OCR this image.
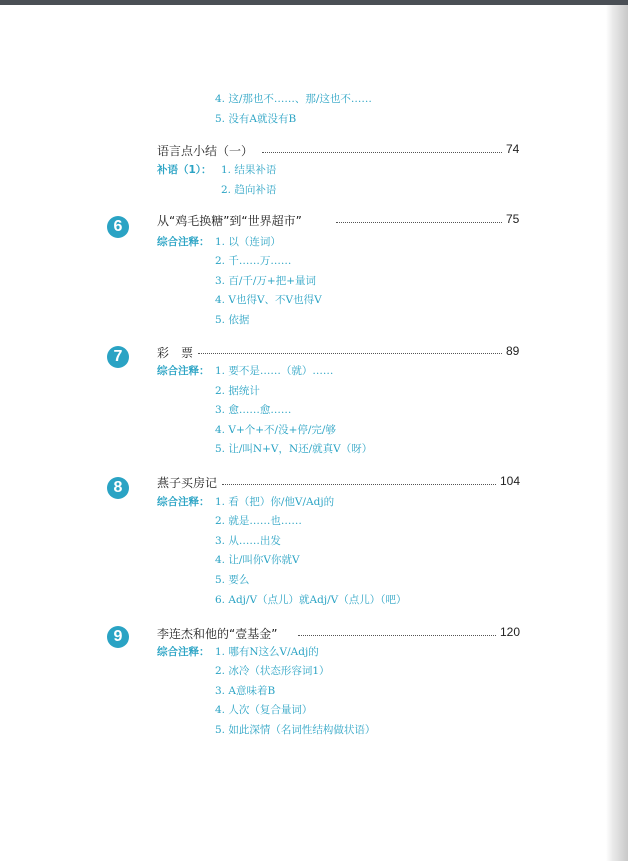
4. 这/那也不……、那/这也不……
5. 没有A就没有B
语言点小结（一）	74
补语（1）： 1. 结果补语
2. 趋向补语
6	从“鸡毛换糖”到“世界超市”	75
综合注释： 1. 以（连词）
2. 千……万……
3. 百/千/万+把+量词
4. V也得V、不V也得V
5. 依据
7	彩　票	89
综合注释： 1. 要不是……（就）……
2. 据统计
3. 愈……愈……
4. V+个+不/没+停/完/够
5. 让/叫N+V，N还/就真V（呀）
8	燕子买房记	104
综合注释： 1. 看（把）你/他V/Adj的
2. 就是……也……
3. 从……出发
4. 让/叫你V你就V
5. 要么
6. Adj/V（点儿）就Adj/V（点儿）（吧）
9	李连杰和他的“壹基金”	120
综合注释： 1. 哪有N这么V/Adj的
2. 冰冷（状态形容词1）
3. A意味着B
4. 人次（复合量词）
5. 如此深情（名词性结构做状语）
